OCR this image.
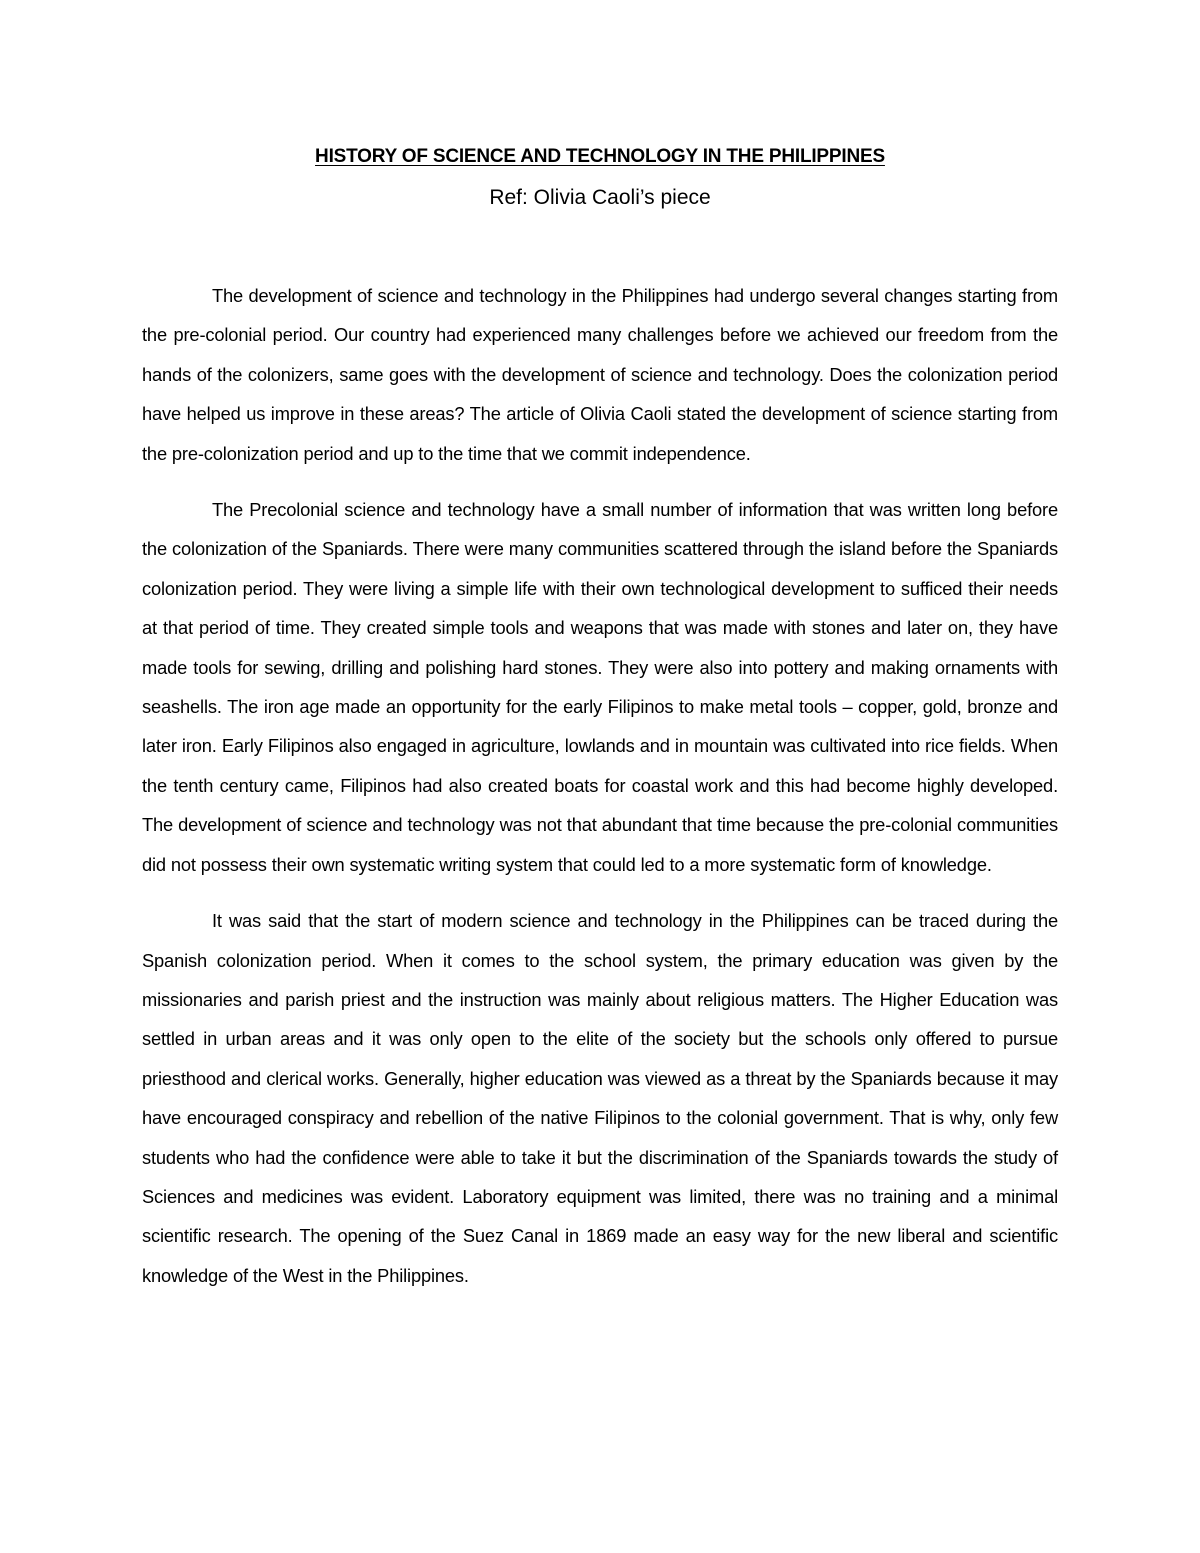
HISTORY OF SCIENCE AND TECHNOLOGY IN THE PHILIPPINES

Ref: Olivia Caoli’s piece

The development of science and technology in the Philippines had undergo several changes starting from the pre-colonial period. Our country had experienced many challenges before we achieved our freedom from the hands of the colonizers, same goes with the development of science and technology. Does the colonization period have helped us improve in these areas? The article of Olivia Caoli stated the development of science starting from the pre-colonization period and up to the time that we commit independence.

The Precolonial science and technology have a small number of information that was written long before the colonization of the Spaniards. There were many communities scattered through the island before the Spaniards colonization period. They were living a simple life with their own technological development to sufficed their needs at that period of time. They created simple tools and weapons that was made with stones and later on, they have made tools for sewing, drilling and polishing hard stones. They were also into pottery and making ornaments with seashells. The iron age made an opportunity for the early Filipinos to make metal tools – copper, gold, bronze and later iron. Early Filipinos also engaged in agriculture, lowlands and in mountain was cultivated into rice fields. When the tenth century came, Filipinos had also created boats for coastal work and this had become highly developed. The development of science and technology was not that abundant that time because the pre-colonial communities did not possess their own systematic writing system that could led to a more systematic form of knowledge.

It was said that the start of modern science and technology in the Philippines can be traced during the Spanish colonization period. When it comes to the school system, the primary education was given by the missionaries and parish priest and the instruction was mainly about religious matters. The Higher Education was settled in urban areas and it was only open to the elite of the society but the schools only offered to pursue priesthood and clerical works. Generally, higher education was viewed as a threat by the Spaniards because it may have encouraged conspiracy and rebellion of the native Filipinos to the colonial government. That is why, only few students who had the confidence were able to take it but the discrimination of the Spaniards towards the study of Sciences and medicines was evident. Laboratory equipment was limited, there was no training and a minimal scientific research. The opening of the Suez Canal in 1869 made an easy way for the new liberal and scientific knowledge of the West in the Philippines.
